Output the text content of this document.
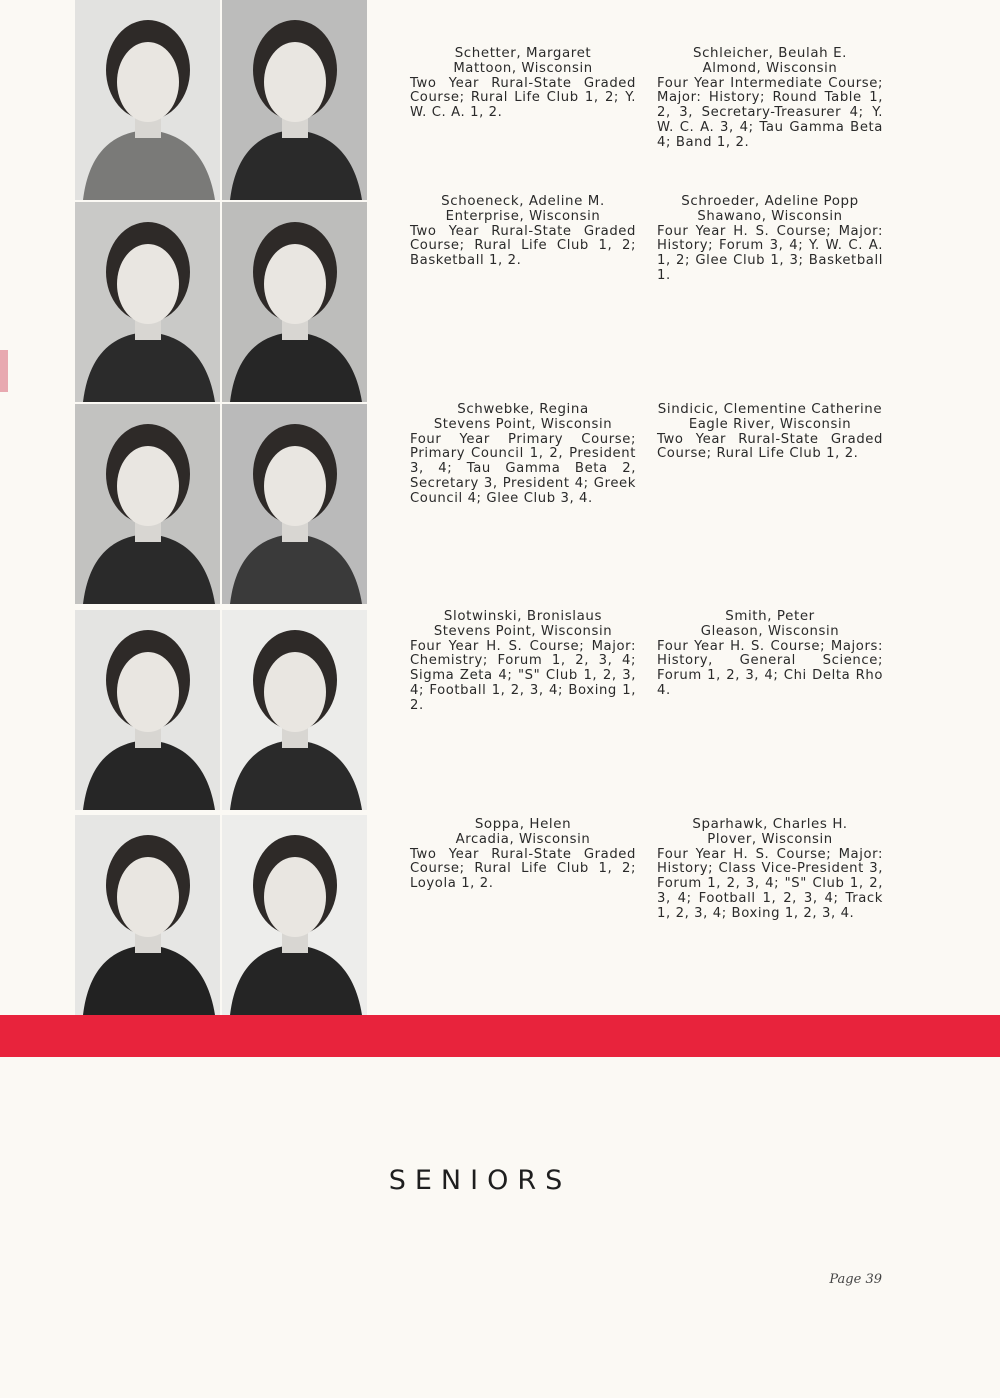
Schetter, Margaret
Mattoon, Wisconsin
Two Year Rural-State Graded Course; Rural Life Club 1, 2; Y. W. C. A. 1, 2.
Schleicher, Beulah E.
Almond, Wisconsin
Four Year Intermediate Course; Major: History; Round Table 1, 2, 3, Secretary-Treasurer 4; Y. W. C. A. 3, 4; Tau Gamma Beta 4; Band 1, 2.
Schoeneck, Adeline M.
Enterprise, Wisconsin
Two Year Rural-State Graded Course; Rural Life Club 1, 2; Basketball 1, 2.
Schroeder, Adeline Popp
Shawano, Wisconsin
Four Year H. S. Course; Major: History; Forum 3, 4; Y. W. C. A. 1, 2; Glee Club 1, 3; Basketball 1.
Schwebke, Regina
Stevens Point, Wisconsin
Four Year Primary Course; Primary Council 1, 2, President 3, 4; Tau Gamma Beta 2, Secretary 3, President 4; Greek Council 4; Glee Club 3, 4.
Sindicic, Clementine Catherine
Eagle River, Wisconsin
Two Year Rural-State Graded Course; Rural Life Club 1, 2.
Slotwinski, Bronislaus
Stevens Point, Wisconsin
Four Year H. S. Course; Major: Chemistry; Forum 1, 2, 3, 4; Sigma Zeta 4; "S" Club 1, 2, 3, 4; Football 1, 2, 3, 4; Boxing 1, 2.
Smith, Peter
Gleason, Wisconsin
Four Year H. S. Course; Majors: History, General Science; Forum 1, 2, 3, 4; Chi Delta Rho 4.
Soppa, Helen
Arcadia, Wisconsin
Two Year Rural-State Graded Course; Rural Life Club 1, 2; Loyola 1, 2.
Sparhawk, Charles H.
Plover, Wisconsin
Four Year H. S. Course; Major: History; Class Vice-President 3, Forum 1, 2, 3, 4; "S" Club 1, 2, 3, 4; Football 1, 2, 3, 4; Track 1, 2, 3, 4; Boxing 1, 2, 3, 4.
SENIORS
Page 39
